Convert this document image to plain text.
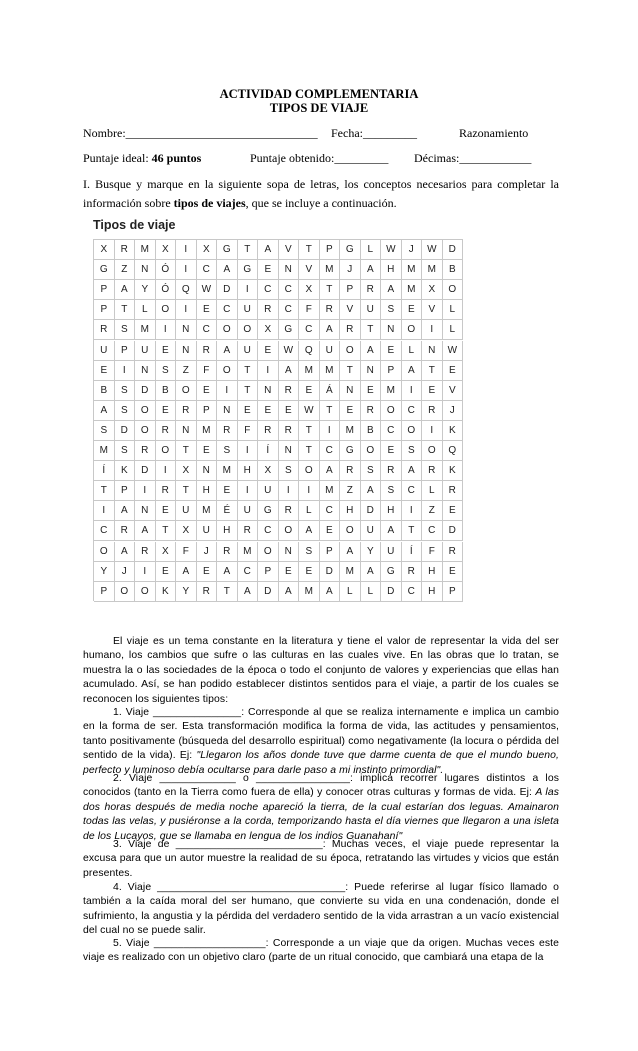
ACTIVIDAD COMPLEMENTARIA
TIPOS DE VIAJE
Nombre:________________________________ Fecha:_________	Razonamiento
Puntaje ideal: 46 puntos	Puntaje obtenido:_________ Décimas:____________
I. Busque y marque en la siguiente sopa de letras, los conceptos necesarios para completar la información sobre tipos de viajes, que se incluye a continuación.
Tipos de viaje
X	R	M	X	I	X	G	T	A	V	T	P	G	L	W	J	W	D
G	Z	N	Ó	I	C	A	G	E	N	V	M	J	A	H	M	M	B
P	A	Y	Ó	Q	W	D	I	C	C	X	T	P	R	A	M	X	O
P	T	L	O	I	E	C	U	R	C	F	R	V	U	S	E	V	L
R	S	M	I	N	C	O	O	X	G	C	A	R	T	N	O	I	L
U	P	U	E	N	R	A	U	E	W	Q	U	O	A	E	L	N	W
E	I	N	S	Z	F	O	T	I	A	M	M	T	N	P	A	T	E
B	S	D	B	O	E	I	T	N	R	E	Á	N	E	M	I	E	V
A	S	O	E	R	P	N	E	E	E	W	T	E	R	O	C	R	J
S	D	O	R	N	M	R	F	R	R	T	I	M	B	C	O	I	K
M	S	R	O	T	E	S	I	Í	N	T	C	G	O	E	S	O	Q
Í	K	D	I	X	N	M	H	X	S	O	A	R	S	R	A	R	K
T	P	I	R	T	H	E	I	U	I	I	M	Z	A	S	C	L	R
I	A	N	E	U	M	É	U	G	R	L	C	H	D	H	I	Z	E
C	R	A	T	X	U	H	R	C	O	A	E	O	U	A	T	C	D
O	A	R	X	F	J	R	M	O	N	S	P	A	Y	U	Í	F	R
Y	J	I	E	A	E	A	C	P	E	E	D	M	A	G	R	H	E
P	O	O	K	Y	R	T	A	D	A	M	A	L	L	D	C	H	P
El viaje es un tema constante en la literatura y tiene el valor de representar la vida del ser humano, los cambios que sufre o las culturas en las cuales vive. En las obras que lo tratan, se muestra la o las sociedades de la época o todo el conjunto de valores y experiencias que ellas han acumulado. Así, se han podido establecer distintos sentidos para el viaje, a partir de los cuales se reconocen los siguientes tipos:
1. Viaje _______________: Corresponde al que se realiza internamente e implica un cambio en la forma de ser. Esta transformación modifica la forma de vida, las actitudes y pensamientos, tanto positivamente (búsqueda del desarrollo espiritual) como negativamente (la locura o pérdida del sentido de la vida). Ej: "Llegaron los años donde tuve que darme cuenta de que el mundo bueno, perfecto y luminoso debía ocultarse para darle paso a mi instinto primordial".
2. Viaje _____________ o ________________: implica recorrer lugares distintos a los conocidos (tanto en la Tierra como fuera de ella) y conocer otras culturas y formas de vida. Ej: A las dos horas después de media noche apareció la tierra, de la cual estarían dos leguas. Amainaron todas las velas, y pusiéronse a la corda, temporizando hasta el día viernes que llegaron a una isleta de los Lucayos, que se llamaba en lengua de los indios Guanahaní"
3. Viaje de _________________________: Muchas veces, el viaje puede representar la excusa para que un autor muestre la realidad de su época, retratando las virtudes y vicios que están presentes.
4. Viaje ________________________________: Puede referirse al lugar físico llamado o también a la caída moral del ser humano, que convierte su vida en una condenación, donde el sufrimiento, la angustia y la pérdida del verdadero sentido de la vida arrastran a un vacío existencial del cual no se puede salir.
5. Viaje ___________________: Corresponde a un viaje que da origen. Muchas veces este viaje es realizado con un objetivo claro (parte de un ritual conocido, que cambiará una etapa de la
